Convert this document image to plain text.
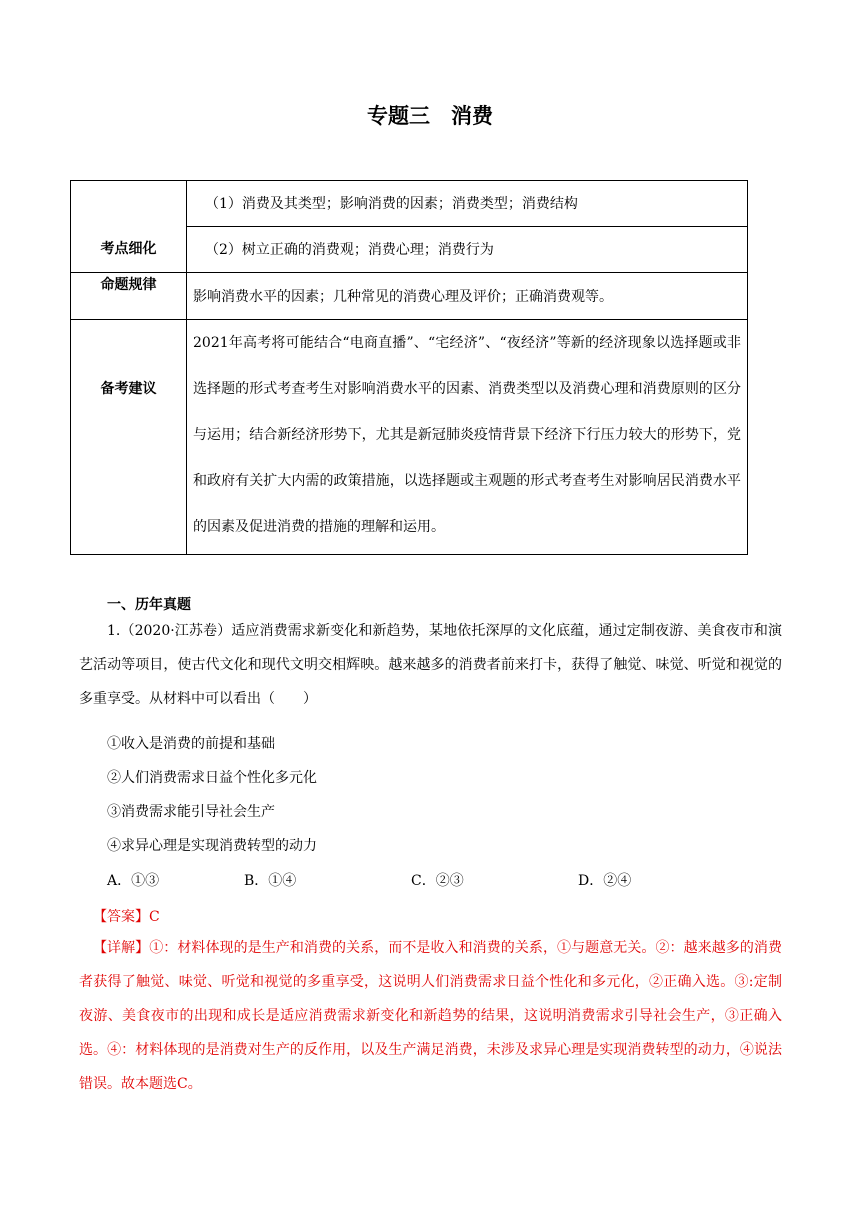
专题三　消费
考点细化	（1）消费及其类型；影响消费的因素；消费类型；消费结构
（2）树立正确的消费观；消费心理；消费行为

命题规律	影响消费水平的因素；几种常见的消费心理及评价；正确消费观等。
备考建议	2021年高考将可能结合“电商直播”、“宅经济”、“夜经济”等新的经济现象以选择题或非选择题的形式考查考生对影响消费水平的因素、消费类型以及消费心理和消费原则的区分与运用；结合新经济形势下，尤其是新冠肺炎疫情背景下经济下行压力较大的形势下，党和政府有关扩大内需的政策措施，以选择题或主观题的形式考查考生对影响居民消费水平的因素及促进消费的措施的理解和运用。
一、历年真题
1.（2020·江苏卷）适应消费需求新变化和新趋势，某地依托深厚的文化底蕴，通过定制夜游、美食夜市和演艺活动等项目，使古代文化和现代文明交相辉映。越来越多的消费者前来打卡，获得了触觉、味觉、听觉和视觉的多重享受。从材料中可以看出（　　）
①收入是消费的前提和基础
②人们消费需求日益个性化多元化
③消费需求能引导社会生产
④求异心理是实现消费转型的动力
A．①③	B．①④	C．②③	D．②④
【答案】C
【详解】①：材料体现的是生产和消费的关系，而不是收入和消费的关系，①与题意无关。②：越来越多的消费者获得了触觉、味觉、听觉和视觉的多重享受，这说明人们消费需求日益个性化和多元化，②正确入选。③:定制夜游、美食夜市的出现和成长是适应消费需求新变化和新趋势的结果，这说明消费需求引导社会生产，③正确入选。④：材料体现的是消费对生产的反作用，以及生产满足消费，未涉及求异心理是实现消费转型的动力，④说法错误。故本题选C。
